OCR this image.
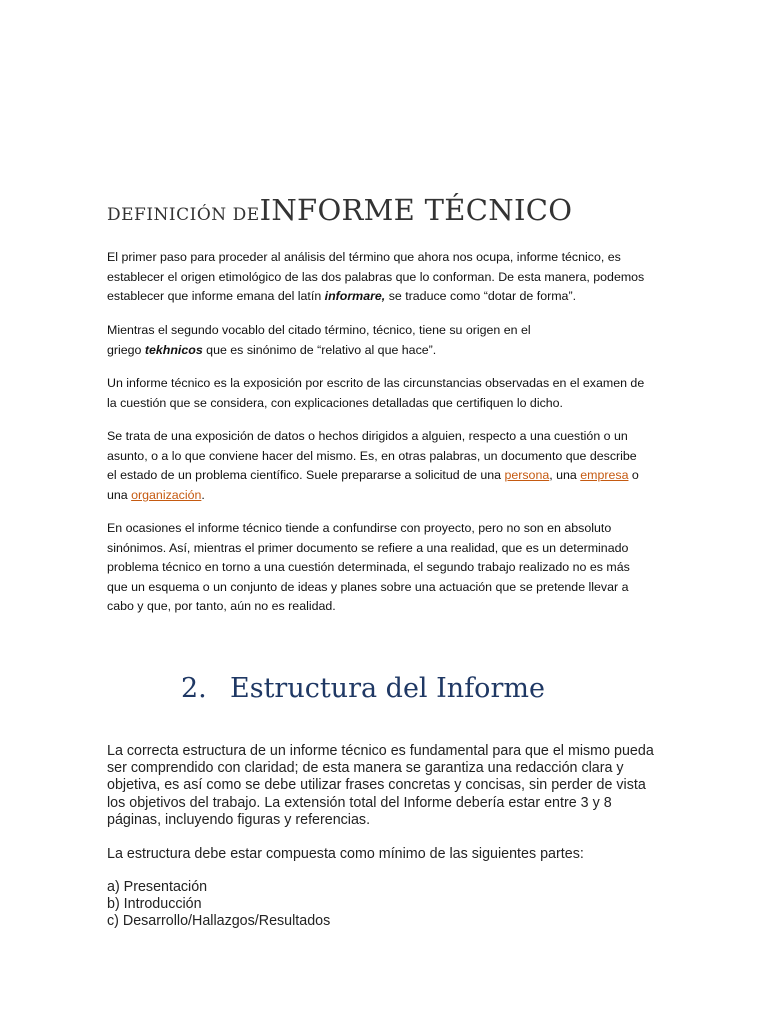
DEFINICIÓN DEINFORME TÉCNICO

El primer paso para proceder al análisis del término que ahora nos ocupa, informe técnico, es
establecer el origen etimológico de las dos palabras que lo conforman. De esta manera, podemos
establecer que informe emana del latín informare, se traduce como “dotar de forma”.

Mientras el segundo vocablo del citado término, técnico, tiene su origen en el
griego tekhnicos que es sinónimo de “relativo al que hace”.

Un informe técnico es la exposición por escrito de las circunstancias observadas en el examen de
la cuestión que se considera, con explicaciones detalladas que certifiquen lo dicho.

Se trata de una exposición de datos o hechos dirigidos a alguien, respecto a una cuestión o un
asunto, o a lo que conviene hacer del mismo. Es, en otras palabras, un documento que describe
el estado de un problema científico. Suele prepararse a solicitud de una persona, una empresa o
una organización.

En ocasiones el informe técnico tiende a confundirse con proyecto, pero no son en absoluto
sinónimos. Así, mientras el primer documento se refiere a una realidad, que es un determinado
problema técnico en torno a una cuestión determinada, el segundo trabajo realizado no es más
que un esquema o un conjunto de ideas y planes sobre una actuación que se pretende llevar a
cabo y que, por tanto, aún no es realidad.

2. Estructura del Informe

La correcta estructura de un informe técnico es fundamental para que el mismo pueda
ser comprendido con claridad; de esta manera se garantiza una redacción clara y
objetiva, es así como se debe utilizar frases concretas y concisas, sin perder de vista
los objetivos del trabajo. La extensión total del Informe debería estar entre 3 y 8
páginas, incluyendo figuras y referencias.

La estructura debe estar compuesta como mínimo de las siguientes partes:

a) Presentación
b) Introducción
c) Desarrollo/Hallazgos/Resultados
